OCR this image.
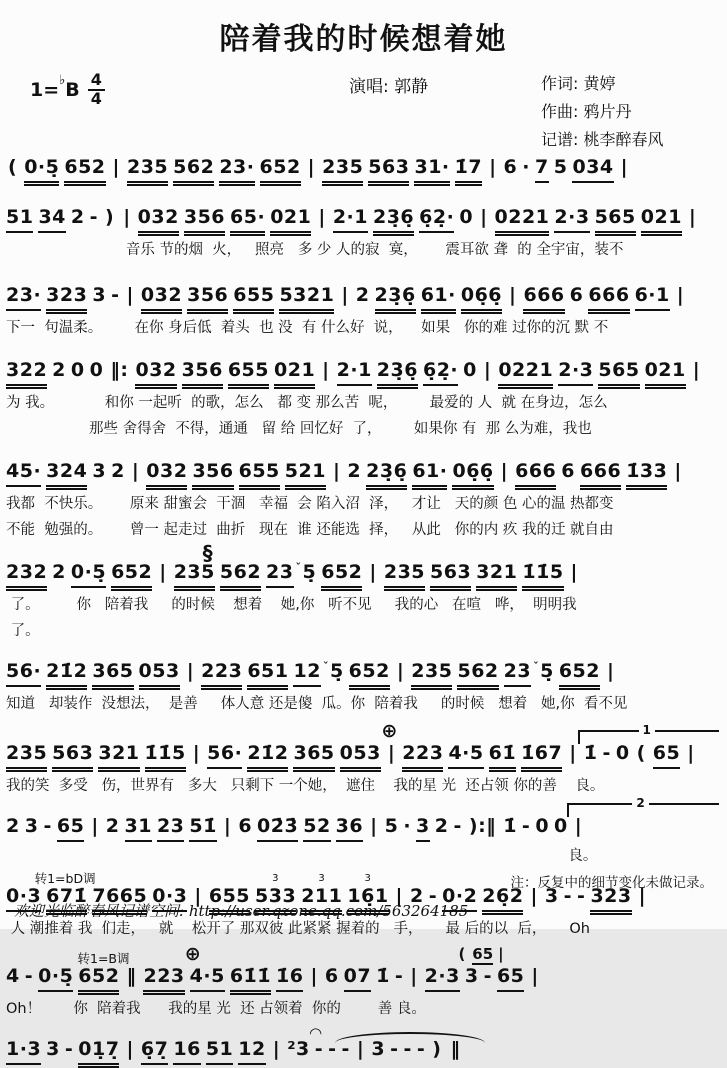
陪着我的时候想着她
$1=^♭B \frac{4}{4}$	演唱: 郭静	作词: 黄婷
作曲: 鸦片丹
记谱: 桃李醉春风
( 0·5̣ 652 | 235 562 23· 652 | 235 563 31· 1̇7 | 6 · 7 5 034 |
51 34 2 - ) | 032 356 65· 021 | 2·1 23̣6̣ 6̣2̣· 0 | 0221 2·3 565 021 |
音乐 节的烟  火，   照亮   多 少 人的寂  寞，      震耳欲 聋  的 全宇宙，装不
23· 323 3 - | 032 356 655 5321 | 2 23̣6̣ 61· 06̣6̣ | 666 6 666 6·1 |
下一  句温柔。       在你 身后低  着头  也 没  有 什么好  说，    如果   你的难 过你的沉 默 不
322 2 0 0 ‖: 032 356 655 021 | 2·1 23̣6̣ 6̣2̣· 0 | 0221 2·3 565 021 |
为 我。           和你 一起听  的歌，怎么   都 变 那么苦  呢，       最爱的 人  就 在身边，怎么
那些 舍得舍  不得，通通   留 给 回忆好  了，       如果你 有  那 么为难，我也
45· 324 3 2 | 032 356 655 521 | 2 23̣6̣ 61· 06̣6̣ | 666 6 666 1̇33 |
我都  不快乐。      原来 甜蜜会  干涸   幸福  会 陷入沼  泽，   才让   天的颜 色 心的温 热都变
不能  勉强的。      曾一 起走过  曲折   现在  谁 还能选  择，   从此   你的内 疚 我的迁 就自由
§
232 2 0·5̣ 652 | 235 562 23 ˇ5̣ 652 | 235 563 321 1̇1̇5 |
了。        你   陪着我     的时候    想着    她,你   听不见     我的心   在喧   哗，  明明我
了。
56· 21̇2 365 053 | 223 651 12 ˇ5̣ 652 | 235 562 23 ˇ5̣ 652 |
知道   却装作  没想法，  是善     体人意 还是傻  瓜。你  陪着我     的时候   想着   她,你  看不见
⊕	1
235 563 321 1̇1̇5 | 56· 21̇2 365 053 | 223 4·5 61̇ 1̇67 | 1̇ - 0 ( 65 |
我的笑  多受   伤，世界有   多大   只剩下 一个她，  遮住    我的星 光  还占领 你的善    良。
2
2 3 - 65 | 2 31 23 51̇ | 6 02̇3̇ 52 36 | 5 · 3 2 - ):‖ 1̇ - 0 0 |
良。
转1=bD调
0·3 671̇ 7665 0·3 | 655 3 533 3 211 3 16̣1 | 2 - 0·2 26̣2 | 3 - - 323 |
人 潮推着 我  们走，   就    松开了 那双彼 此紧紧 握着的   手，     最 后的以  后，     Oh
转1=B调	⊕	( 65 |
4 - 0·5̣ 652 ‖ 223 4·5 61̇1̇ 1̇6 | 6 07 1̇ - | 2·3 3 - 65 |
Oh！       你  陪着我      我的星 光  还 占领着  你的        善 良。
◠
1·3 3 - 01̣7̣ | 6̣7̣ 16 51 12 | ²3 - - - | 3 - - - ) ‖
注：反复中的细节变化未做记录。
欢迎光临醉春风记谱空间: http://user.qzone.qq.com/563264185
